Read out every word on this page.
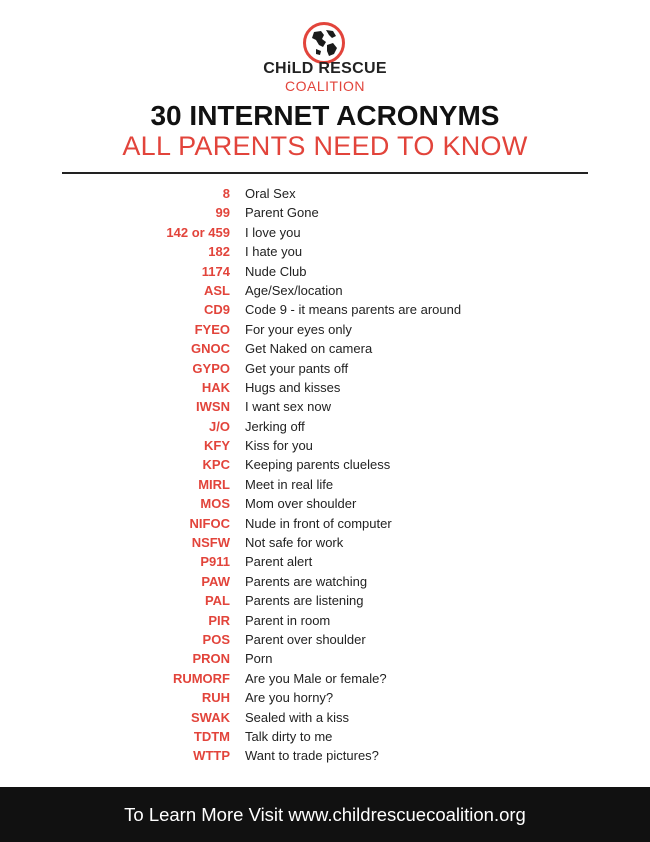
CHiLD RESCUE
COALITION
30 INTERNET ACRONYMS
ALL PARENTS NEED TO KNOW
8 Oral Sex
99 Parent Gone
142 or 459 I love you
182 I hate you
1174 Nude Club
ASL Age/Sex/location
CD9 Code 9 - it means parents are around
FYEO For your eyes only
GNOC Get Naked on camera
GYPO Get your pants off
HAK Hugs and kisses
IWSN I want sex now
J/O Jerking off
KFY Kiss for you
KPC Keeping parents clueless
MIRL Meet in real life
MOS Mom over shoulder
NIFOC Nude in front of computer
NSFW Not safe for work
P911 Parent alert
PAW Parents are watching
PAL Parents are listening
PIR Parent in room
POS Parent over shoulder
PRON Porn
RUMORF Are you Male or female?
RUH Are you horny?
SWAK Sealed with a kiss
TDTM Talk dirty to me
WTTP Want to trade pictures?
To Learn More Visit www.childrescuecoalition.org
